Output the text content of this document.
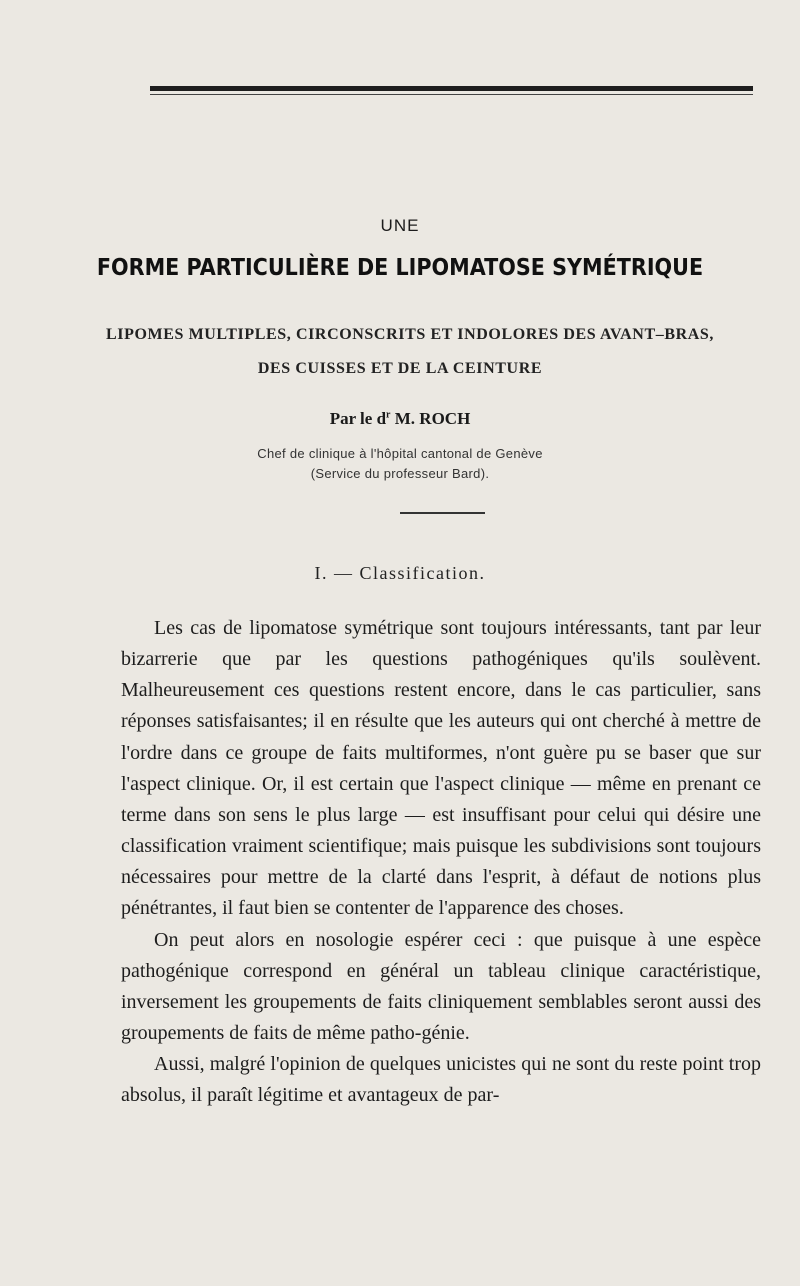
UNE
FORME PARTICULIÈRE DE LIPOMATOSE SYMÉTRIQUE
LIPOMES MULTIPLES, CIRCONSCRITS ET INDOLORES DES AVANT–BRAS,
DES CUISSES ET DE LA CEINTURE
Par le $d^r$ M. ROCH
Chef de clinique à l'hôpital cantonal de Genève
(Service du professeur Bard).
I. — Classification.

Les cas de lipomatose symétrique sont toujours intéressants, tant par leur bizarrerie que par les questions pathogéniques qu'ils soulèvent. Malheureusement ces questions restent encore, dans le cas particulier, sans réponses satisfaisantes; il en résulte que les auteurs qui ont cherché à mettre de l'ordre dans ce groupe de faits multiformes, n'ont guère pu se baser que sur l'aspect clinique. Or, il est certain que l'aspect clinique — même en prenant ce terme dans son sens le plus large — est insuffisant pour celui qui désire une classification vraiment scientifique; mais puisque les subdivisions sont toujours nécessaires pour mettre de la clarté dans l'esprit, à défaut de notions plus pénétrantes, il faut bien se contenter de l'apparence des choses.

On peut alors en nosologie espérer ceci : que puisque à une espèce pathogénique correspond en général un tableau clinique caractéristique, inversement les groupements de faits cliniquement semblables seront aussi des groupements de faits de même patho-génie.

Aussi, malgré l'opinion de quelques unicistes qui ne sont du reste point trop absolus, il paraît légitime et avantageux de par-
